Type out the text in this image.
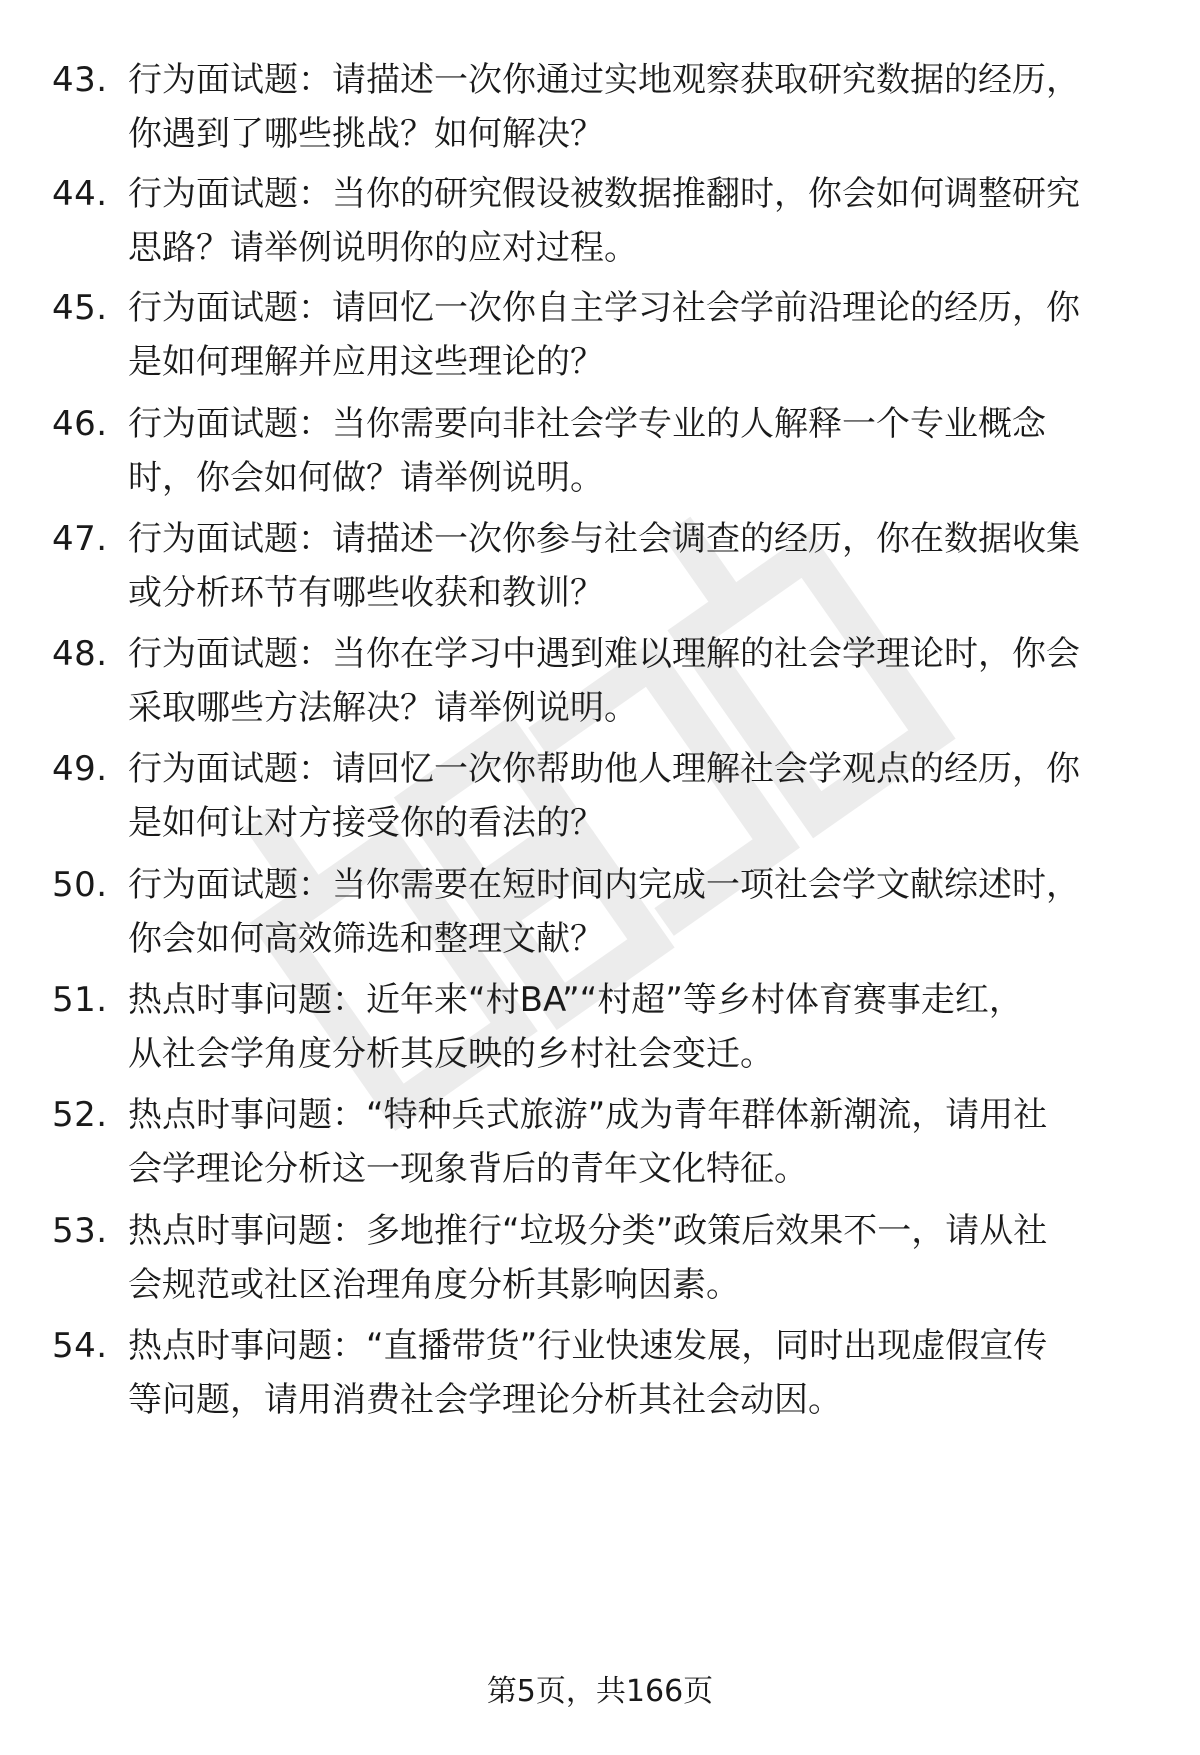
43. 行为面试题：请描述一次你通过实地观察获取研究数据的经历，
你遇到了哪些挑战？如何解决？
44. 行为面试题：当你的研究假设被数据推翻时，你会如何调整研究
思路？请举例说明你的应对过程。
45. 行为面试题：请回忆一次你自主学习社会学前沿理论的经历，你
是如何理解并应用这些理论的？
46. 行为面试题：当你需要向非社会学专业的人解释一个专业概念
时，你会如何做？请举例说明。
47. 行为面试题：请描述一次你参与社会调查的经历，你在数据收集
或分析环节有哪些收获和教训？
48. 行为面试题：当你在学习中遇到难以理解的社会学理论时，你会
采取哪些方法解决？请举例说明。
49. 行为面试题：请回忆一次你帮助他人理解社会学观点的经历，你
是如何让对方接受你的看法的？
50. 行为面试题：当你需要在短时间内完成一项社会学文献综述时，
你会如何高效筛选和整理文献？
51. 热点时事问题：近年来“村BA”“村超”等乡村体育赛事走红，
从社会学角度分析其反映的乡村社会变迁。
52. 热点时事问题：“特种兵式旅游”成为青年群体新潮流，请用社
会学理论分析这一现象背后的青年文化特征。
53. 热点时事问题：多地推行“垃圾分类”政策后效果不一，请从社
会规范或社区治理角度分析其影响因素。
54. 热点时事问题：“直播带货”行业快速发展，同时出现虚假宣传
等问题，请用消费社会学理论分析其社会动因。
第5页，共166页
